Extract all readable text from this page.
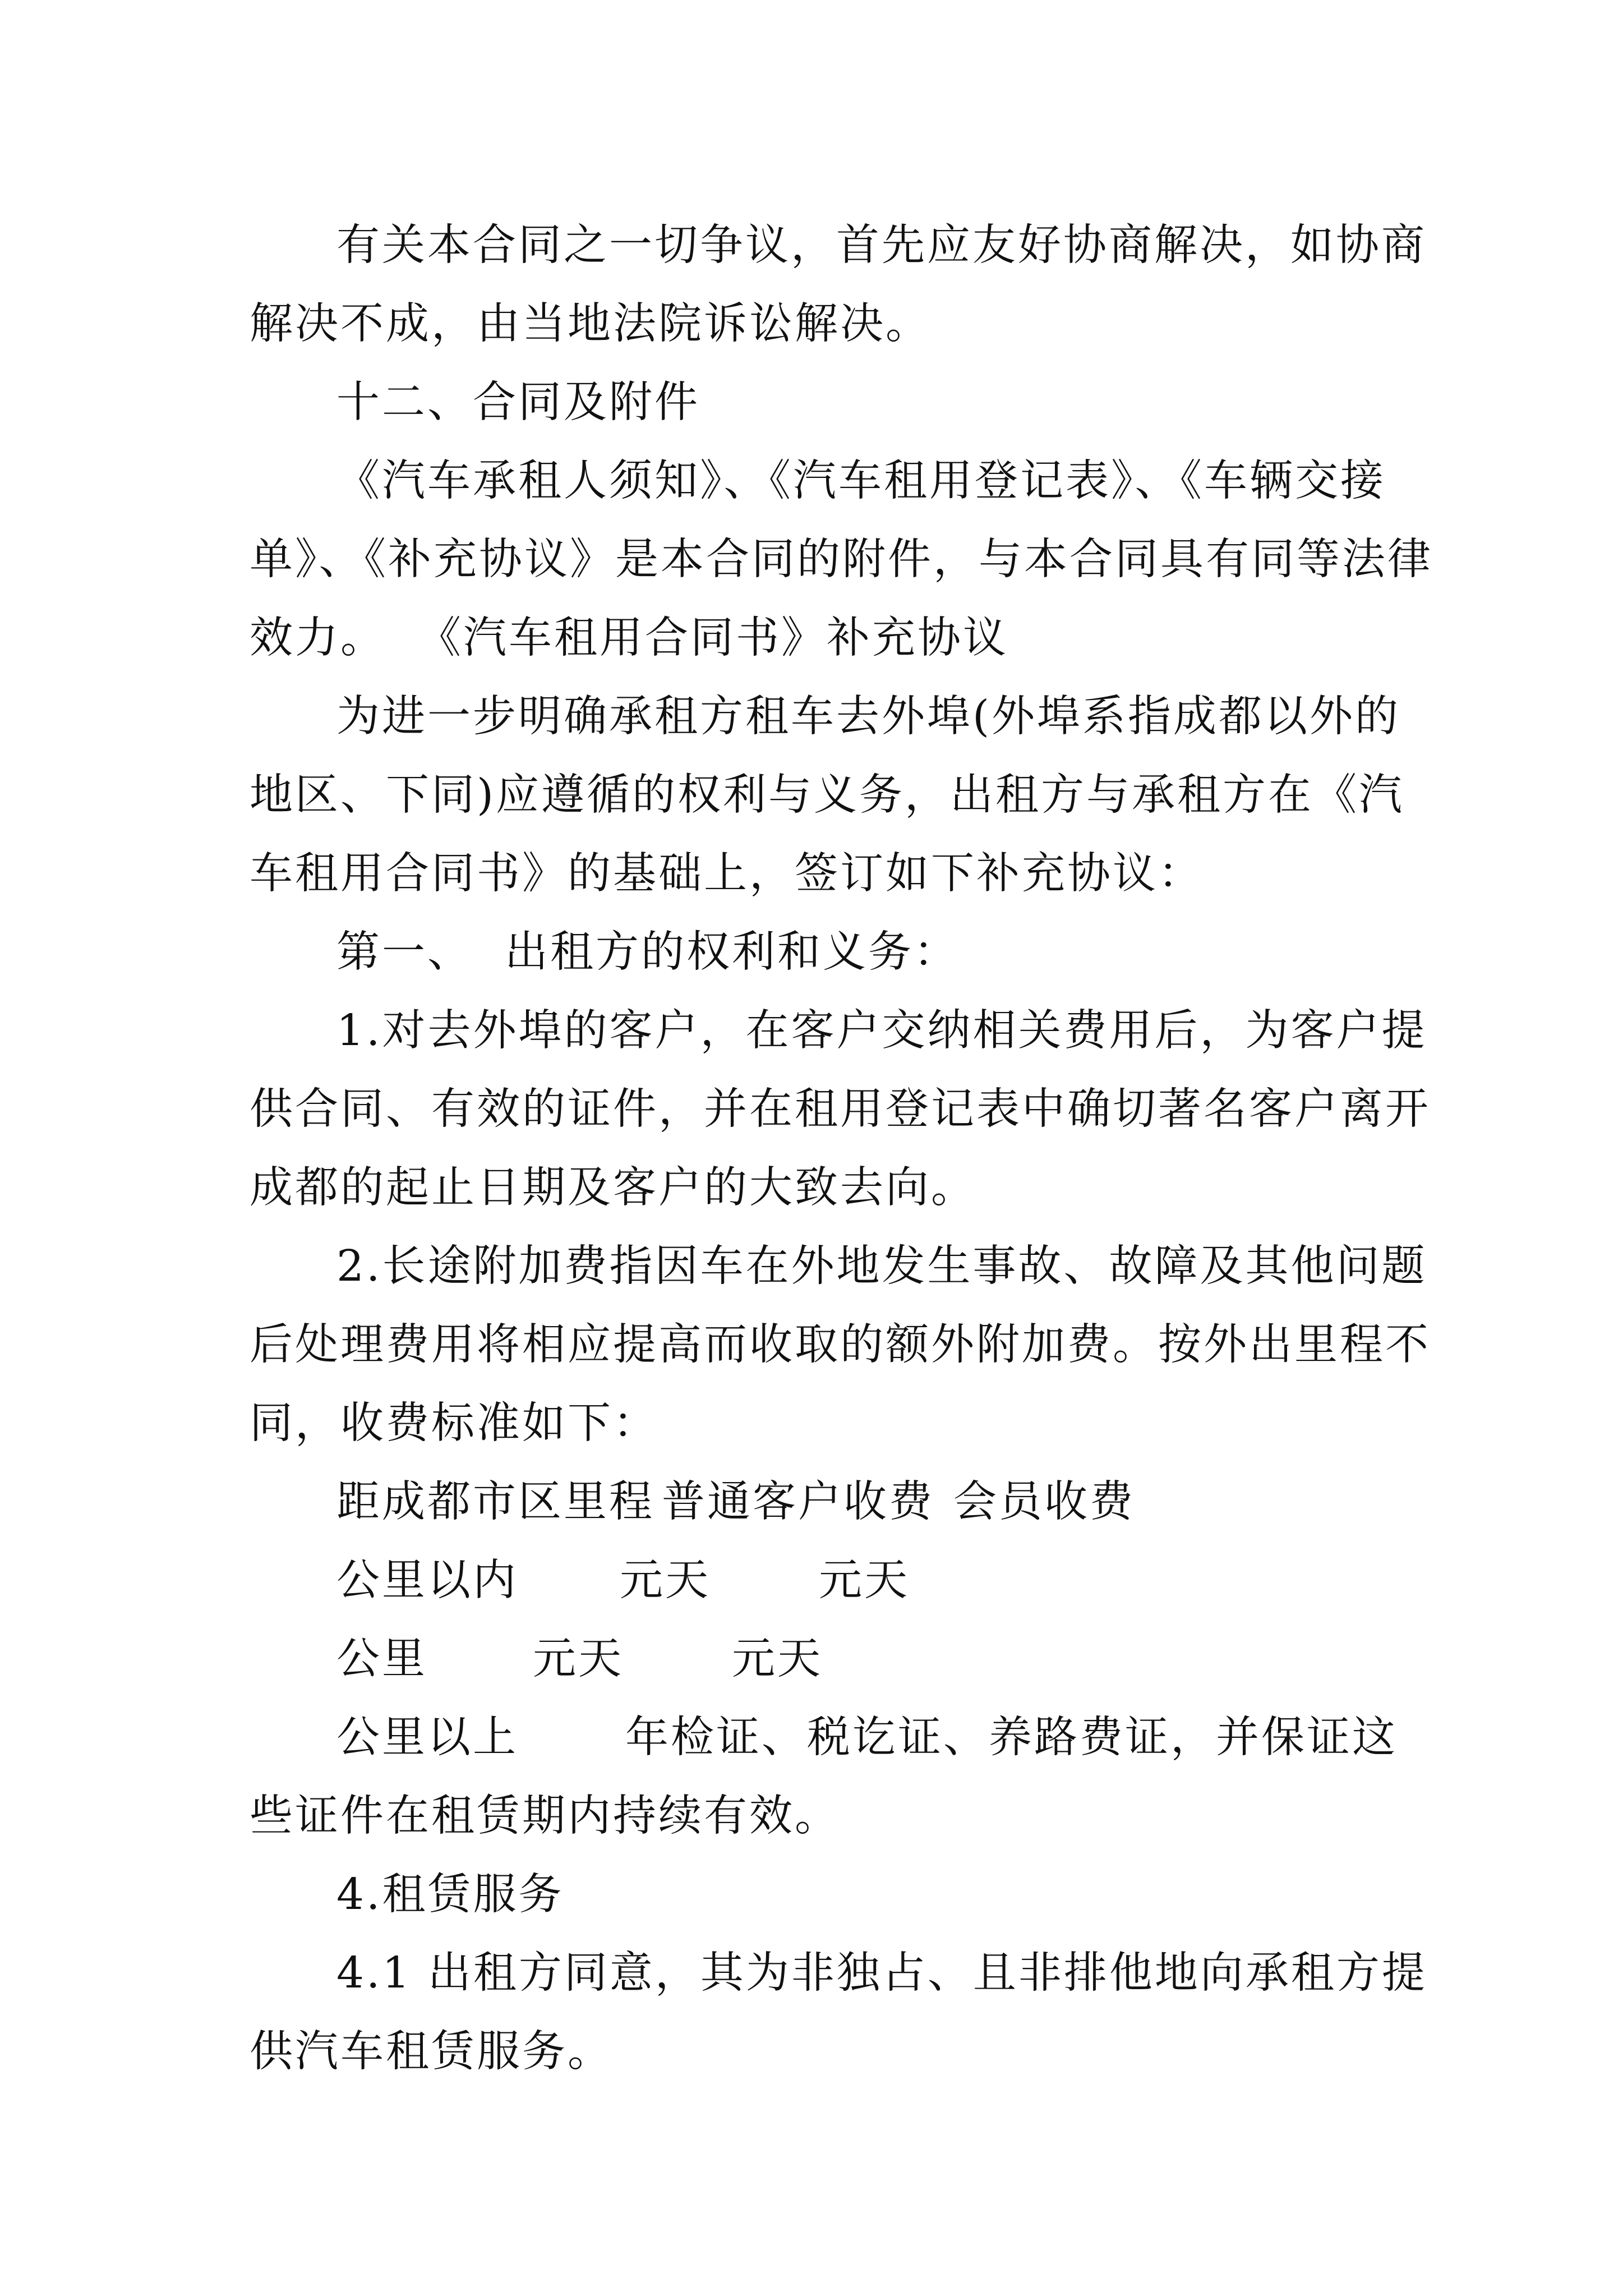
有关本合同之一切争议，首先应友好协商解决，如协商
解决不成，由当地法院诉讼解决。
十二、合同及附件
《汽车承租人须知》、《汽车租用登记表》、《车辆交接
单》、《补充协议》是本合同的附件，与本合同具有同等法律
效力。  《汽车租用合同书》补充协议
为进一步明确承租方租车去外埠(外埠系指成都以外的
地区、下同)应遵循的权利与义务，出租方与承租方在《汽
车租用合同书》的基础上，签订如下补充协议：
第一、  出租方的权利和义务：
1.对去外埠的客户，在客户交纳相关费用后，为客户提
供合同、有效的证件，并在租用登记表中确切著名客户离开
成都的起止日期及客户的大致去向。
2.长途附加费指因车在外地发生事故、故障及其他问题
后处理费用将相应提高而收取的额外附加费。按外出里程不
同，收费标准如下：
距成都市区里程 普通客户收费 会员收费
公里以内 元天	元天
公里 元天	元天
公里以上 年检证、税讫证、养路费证，并保证这
些证件在租赁期内持续有效。
4.租赁服务
4.1 出租方同意，其为非独占、且非排他地向承租方提
供汽车租赁服务。
